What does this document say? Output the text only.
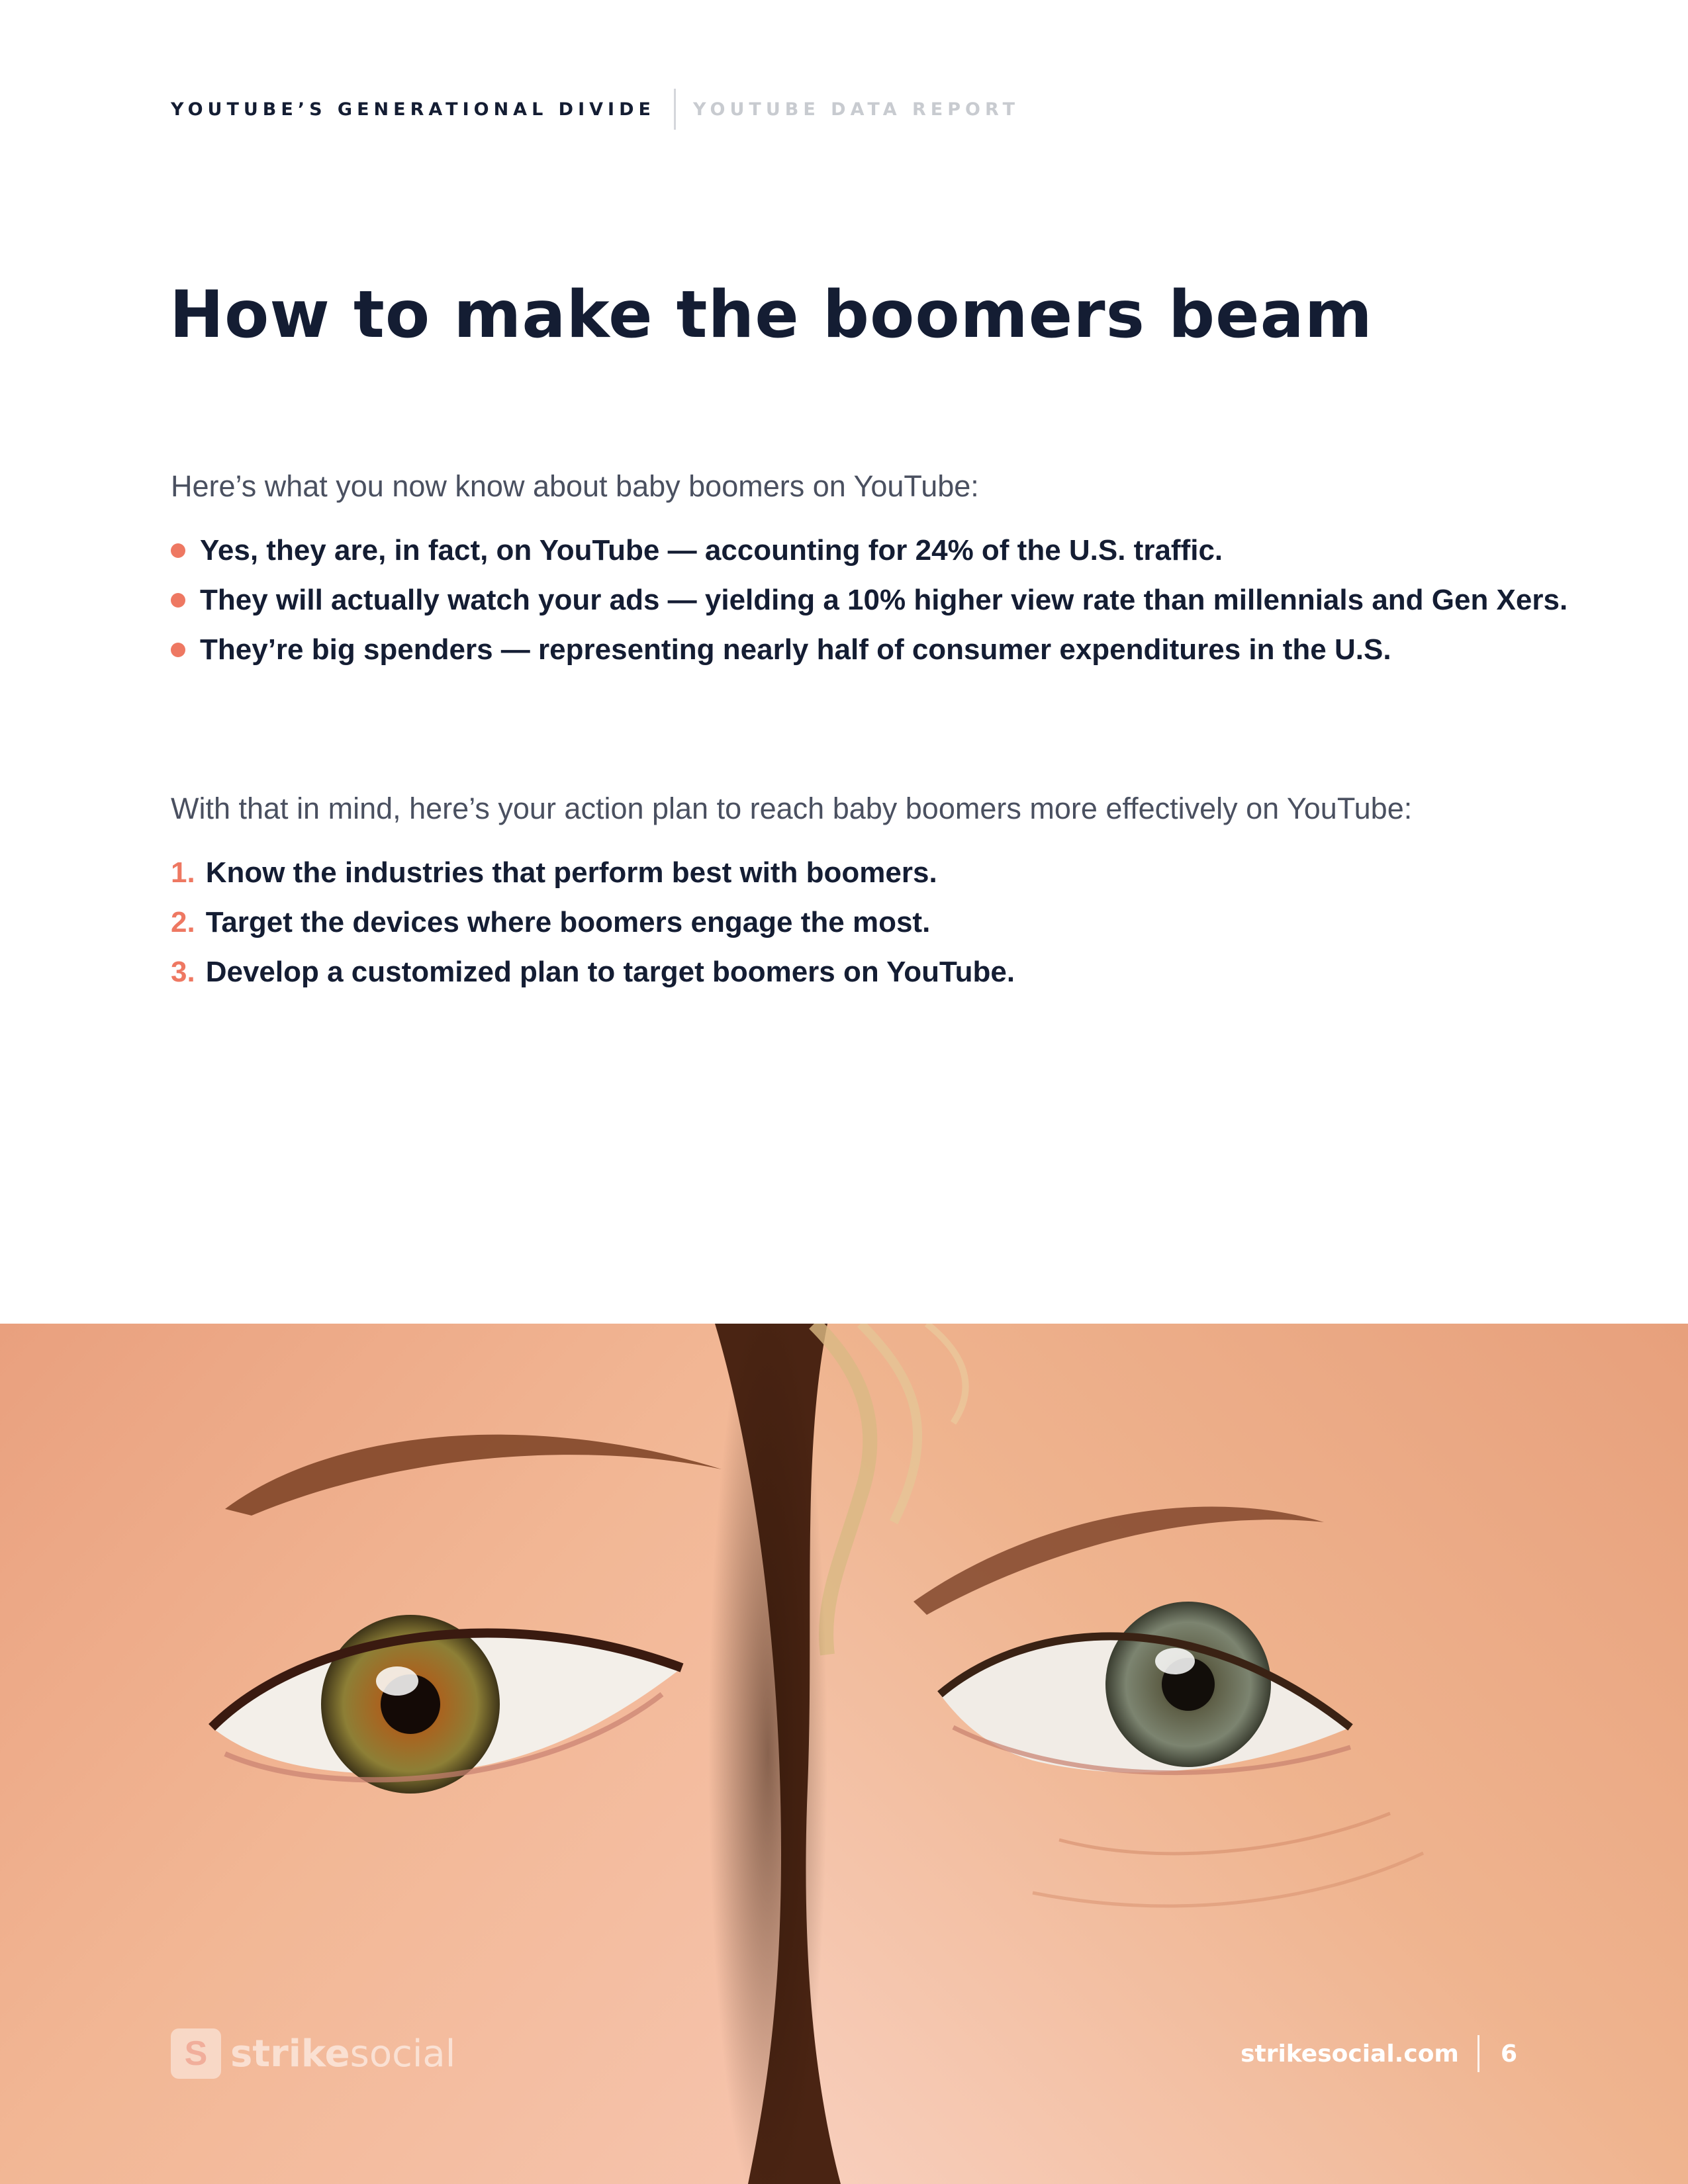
YOUTUBE’S GENERATIONAL DIVIDE YOUTUBE DATA REPORT
How to make the boomers beam

Here’s what you now know about baby boomers on YouTube:

Yes, they are, in fact, on YouTube — accounting for 24% of the U.S. traffic.
They will actually watch your ads — yielding a 10% higher view rate than millennials and Gen Xers.
They’re big spenders — representing nearly half of consumer expenditures in the U.S.

With that in mind, here’s your action plan to reach baby boomers more effectively on YouTube:

1. Know the industries that perform best with boomers.
2. Target the devices where boomers engage the most.
3. Develop a customized plan to target boomers on YouTube.
S strikesocial	strikesocial.com 6
